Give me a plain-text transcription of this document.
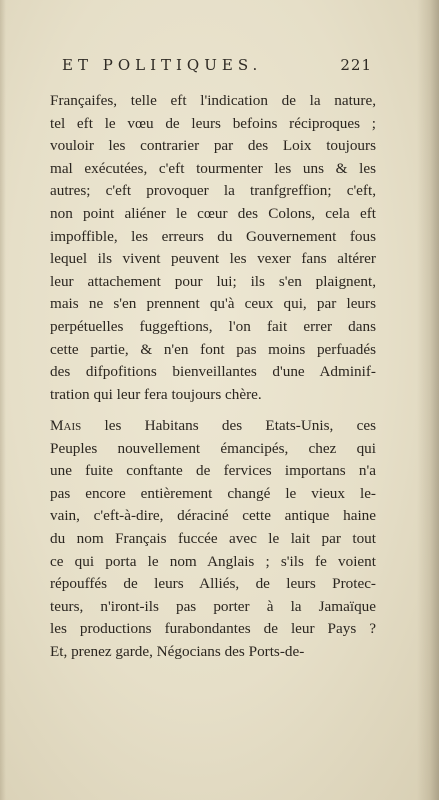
ET POLITIQUES.	221
Françaifes, telle eft l'indication de la nature,
tel eft le vœu de leurs befoins réciproques ;
vouloir les contrarier par des Loix toujours
mal exécutées, c'eft tourmenter les uns & les
autres; c'eft provoquer la tranfgreffion; c'eft,
non point aliéner le cœur des Colons, cela eft
impoffible, les erreurs du Gouvernement fous
lequel ils vivent peuvent les vexer fans altérer
leur attachement pour lui; ils s'en plaignent,
mais ne s'en prennent qu'à ceux qui, par leurs
perpétuelles fuggeftions, l'on fait errer dans
cette partie, & n'en font pas moins perfuadés
des difpofitions bienveillantes d'une Adminif-
tration qui leur fera toujours chère.
Mais les Habitans des Etats-Unis, ces
Peuples nouvellement émancipés, chez qui
une fuite conftante de fervices importans n'a
pas encore entièrement changé le vieux le-
vain, c'eft-à-dire, déraciné cette antique haine
du nom Français fuccée avec le lait par tout
ce qui porta le nom Anglais ; s'ils fe voient
répouffés de leurs Alliés, de leurs Protec-
teurs, n'iront-ils pas porter à la Jamaïque
les productions furabondantes de leur Pays ?
Et, prenez garde, Négocians des Ports-de-
